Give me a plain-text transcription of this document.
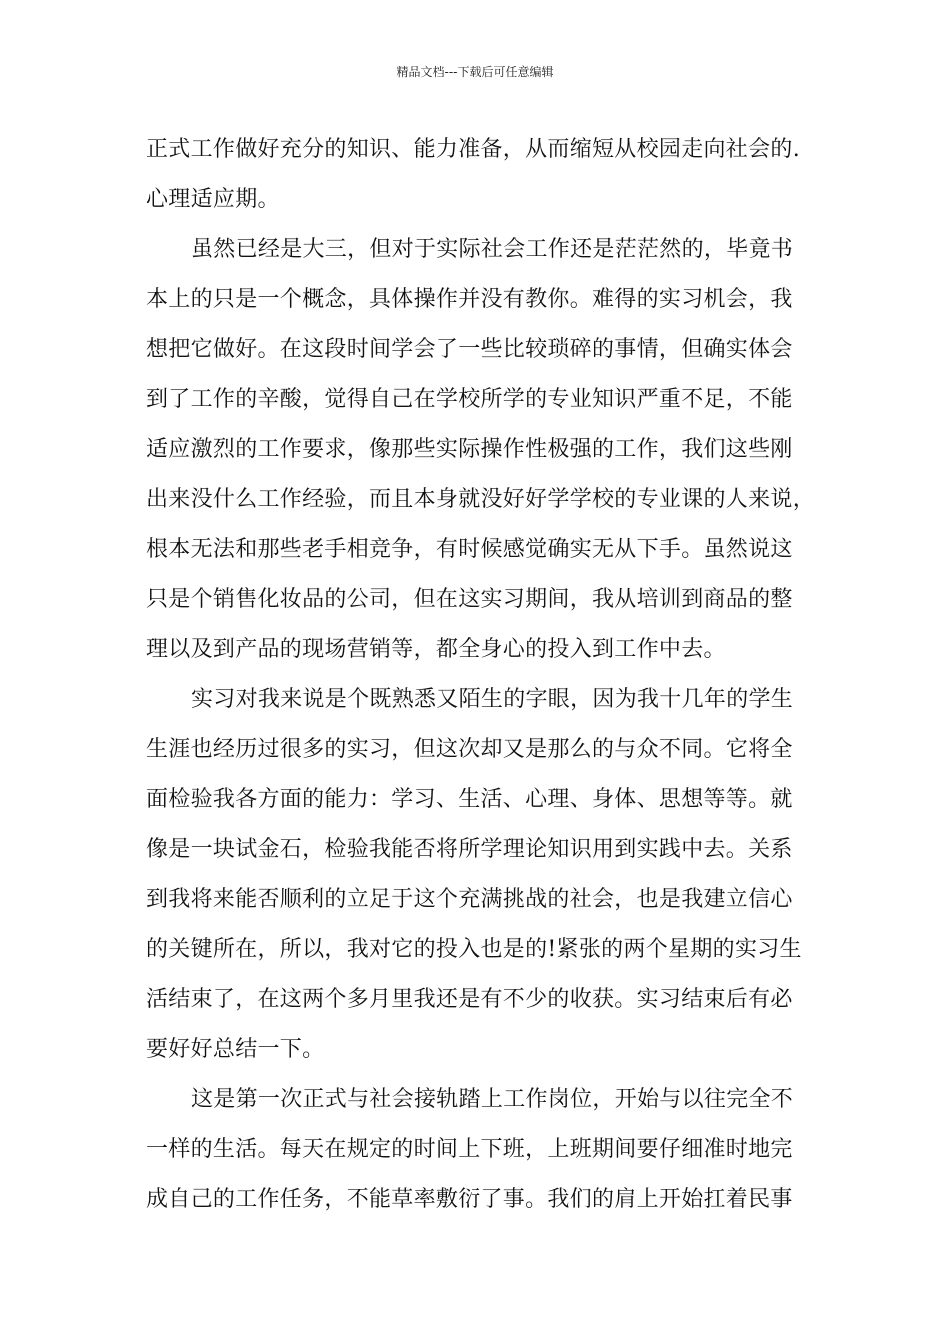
精品文档---下载后可任意编辑
正式工作做好充分的知识、能力准备，从而缩短从校园走向社会的.
心理适应期。
虽然已经是大三，但对于实际社会工作还是茫茫然的，毕竟书
本上的只是一个概念，具体操作并没有教你。难得的实习机会，我
想把它做好。在这段时间学会了一些比较琐碎的事情，但确实体会
到了工作的辛酸，觉得自己在学校所学的专业知识严重不足，不能
适应激烈的工作要求，像那些实际操作性极强的工作，我们这些刚
出来没什么工作经验，而且本身就没好好学学校的专业课的人来说，
根本无法和那些老手相竞争，有时候感觉确实无从下手。虽然说这
只是个销售化妆品的公司，但在这实习期间，我从培训到商品的整
理以及到产品的现场营销等，都全身心的投入到工作中去。
实习对我来说是个既熟悉又陌生的字眼，因为我十几年的学生
生涯也经历过很多的实习，但这次却又是那么的与众不同。它将全
面检验我各方面的能力：学习、生活、心理、身体、思想等等。就
像是一块试金石，检验我能否将所学理论知识用到实践中去。关系
到我将来能否顺利的立足于这个充满挑战的社会，也是我建立信心
的关键所在，所以，我对它的投入也是的!紧张的两个星期的实习生
活结束了，在这两个多月里我还是有不少的收获。实习结束后有必
要好好总结一下。
这是第一次正式与社会接轨踏上工作岗位，开始与以往完全不
一样的生活。每天在规定的时间上下班，上班期间要仔细准时地完
成自己的工作任务，不能草率敷衍了事。我们的肩上开始扛着民事
